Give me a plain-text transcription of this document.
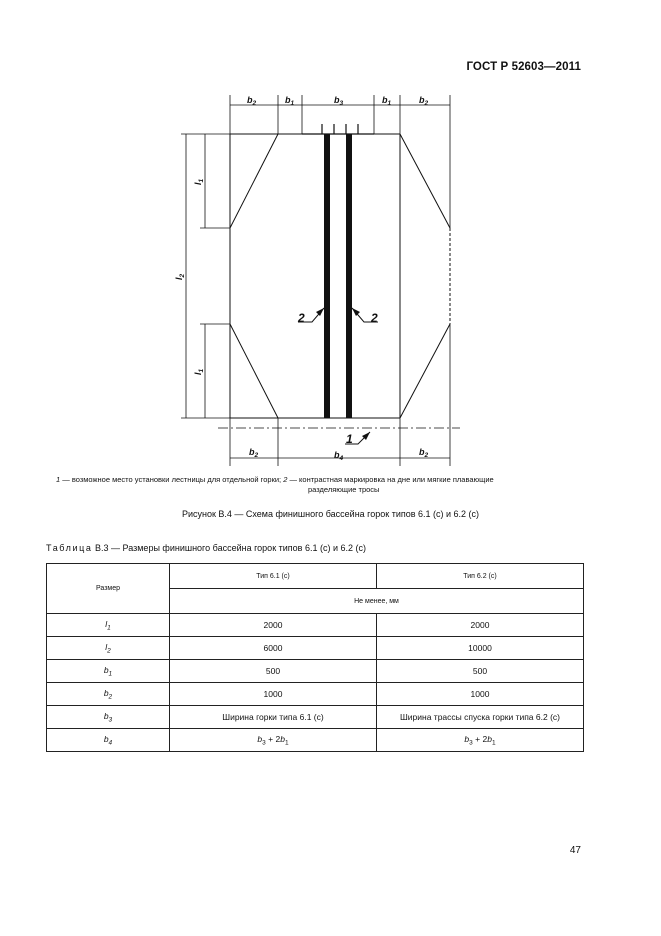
ГОСТ Р 52603—2011
$b_2$	$b_1$	$b_3$	$b_1$	$b_2$
$l_1$
$l_2$
$l_1$
$b_2$	$b_4$
$b_2$
2	2
1
1 — возможное место установки лестницы для отдельной горки; 2 — контрастная маркировка на дне или мягкие плавающие
разделяющие тросы
Рисунок В.4 — Схема финишного бассейна горок типов 6.1 (с) и 6.2 (с)
Таблица В.3 — Размеры финишного бассейна горок типов 6.1 (с) и 6.2 (с)
Размер	Тип 6.1 (с)	Тип 6.2 (с)
	Не менее, мм	
$l_1$	2000	2000
$l_2$	6000	10000
$b_1$	500	500
$b_2$	1000	1000
$b_3$	Ширина горки типа 6.1 (с)	Ширина трассы спуска горки типа 6.2 (с)
$b_4$	$b_3 + 2b_1$	$b_3 + 2b_1$
47
